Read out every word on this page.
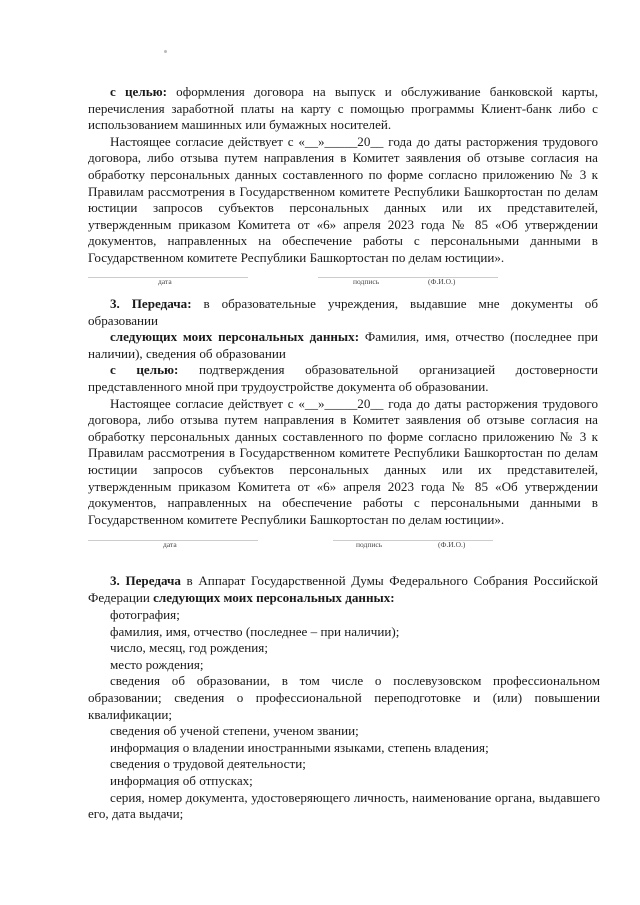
с целью: оформления договора на выпуск и обслуживание банковской карты, перечисления заработной платы на карту с помощью программы Клиент-банк либо с использованием машинных или бумажных носителей.

Настоящее согласие действует с «__»_____20__ года до даты расторжения трудового договора, либо отзыва путем направления в Комитет заявления об отзыве согласия на обработку персональных данных составленного по форме согласно приложению № 3 к Правилам рассмотрения в Государственном комитете Республики Башкортостан по делам юстиции запросов субъектов персональных данных или их представителей, утвержденным приказом Комитета от «6» апреля 2023 года № 85 «Об утверждении документов, направленных на обеспечение работы с персональными данными в Государственном комитете Республики Башкортостан по делам юстиции».

дата	подпись	(Ф.И.О.)

3. Передача: в образовательные учреждения, выдавшие мне документы об образовании

следующих моих персональных данных: Фамилия, имя, отчество (последнее при наличии), сведения об образовании

с целью: подтверждения образовательной организацией достоверности представленного мной при трудоустройстве документа об образовании.

Настоящее согласие действует с «__»_____20__ года до даты расторжения трудового договора, либо отзыва путем направления в Комитет заявления об отзыве согласия на обработку персональных данных составленного по форме согласно приложению № 3 к Правилам рассмотрения в Государственном комитете Республики Башкортостан по делам юстиции запросов субъектов персональных данных или их представителей, утвержденным приказом Комитета от «6» апреля 2023 года № 85 «Об утверждении документов, направленных на обеспечение работы с персональными данными в Государственном комитете Республики Башкортостан по делам юстиции».

дата	подпись	(Ф.И.О.)

3. Передача в Аппарат Государственной Думы Федерального Собрания Российской Федерации следующих моих персональных данных:

фотография;

фамилия, имя, отчество (последнее – при наличии);

число, месяц, год рождения;

место рождения;

сведения об образовании, в том числе о послевузовском профессиональном образовании; сведения о профессиональной переподготовке и (или) повышении квалификации;

сведения об ученой степени, ученом звании;

информация о владении иностранными языками, степень владения;

сведения о трудовой деятельности;

информация об отпусках;

серия, номер документа, удостоверяющего личность, наименование органа, выдавшего его, дата выдачи;
